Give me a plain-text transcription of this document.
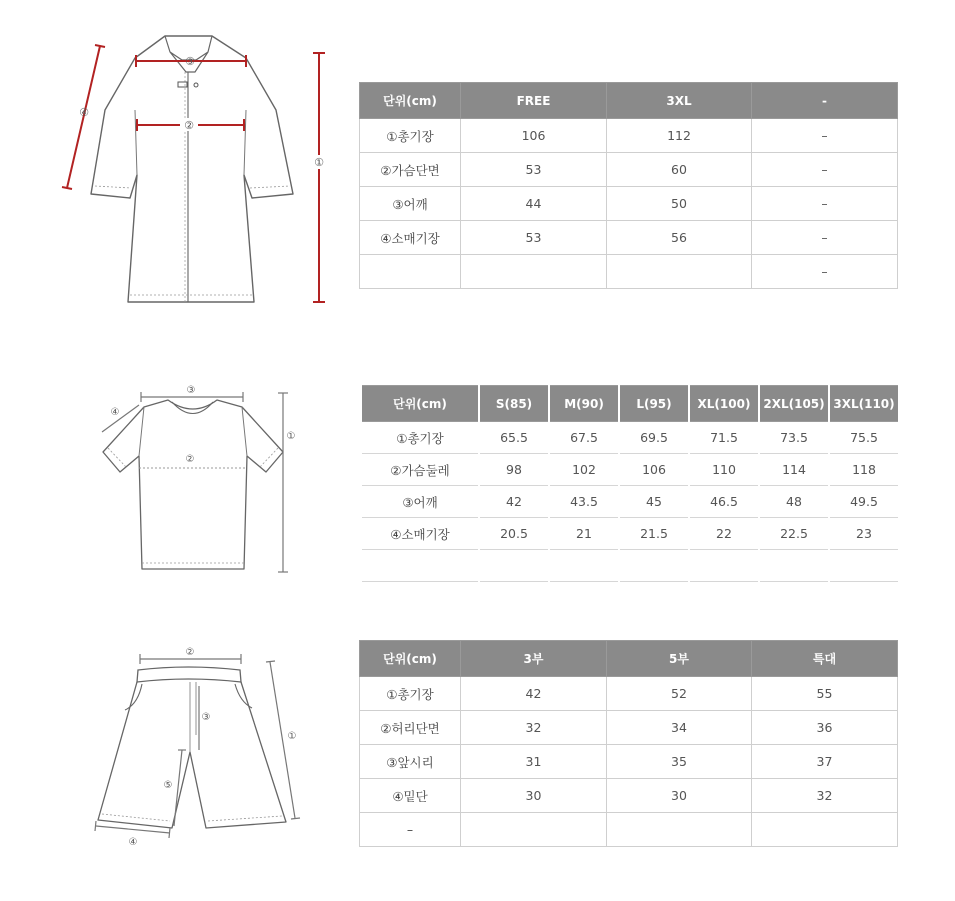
③
②
④
①
단위(cm)	FREE	3XL	-
①총기장	106	112	–
②가슴단면	53	60	–
③어깨	44	50	–
④소매기장	53	56	–
			–
③
②
④
①
단위(cm)	S(85)	M(90)	L(95)	XL(100)	2XL(105)	3XL(110)
①총기장	65.5	67.5	69.5	71.5	73.5	75.5
②가슴둘레	98	102	106	110	114	118
③어깨	42	43.5	45	46.5	48	49.5
④소매기장	20.5	21	21.5	22	22.5	23

②
③
⑤
④
①
단위(cm)	3부	5부	특대
①총기장	42	52	55
②허리단면	32	34	36
③앞시리	31	35	37
④밑단	30	30	32
–			
